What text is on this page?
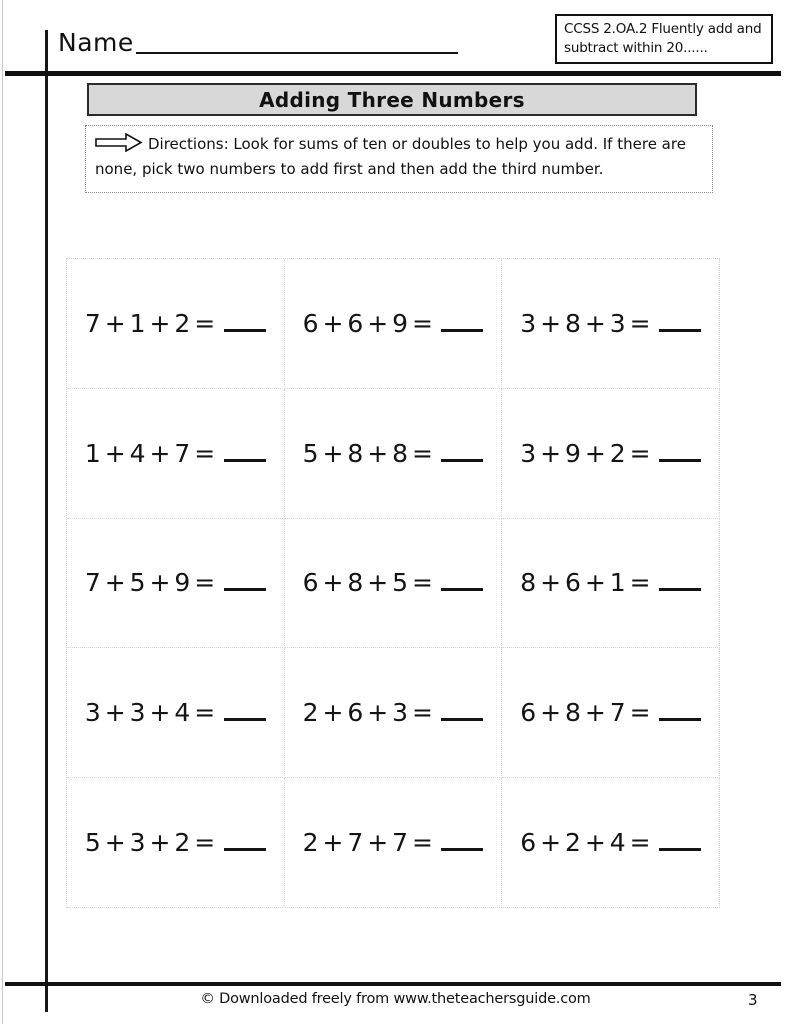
Name	CCSS 2.OA.2 Fluently add and
subtract within 20......
Adding Three Numbers
Directions: Look for sums of ten or doubles to help you add. If there are none, pick two numbers to add first and then add the third number.
7 + 1 + 2 =	6 + 6 + 9 =	3 + 8 + 3 =
1 + 4 + 7 =	5 + 8 + 8 =	3 + 9 + 2 =
7 + 5 + 9 =	6 + 8 + 5 =	8 + 6 + 1 =
3 + 3 + 4 =	2 + 6 + 3 =	6 + 8 + 7 =
5 + 3 + 2 =	2 + 7 + 7 =	6 + 2 + 4 =
© Downloaded freely from www.theteachersguide.com	3
